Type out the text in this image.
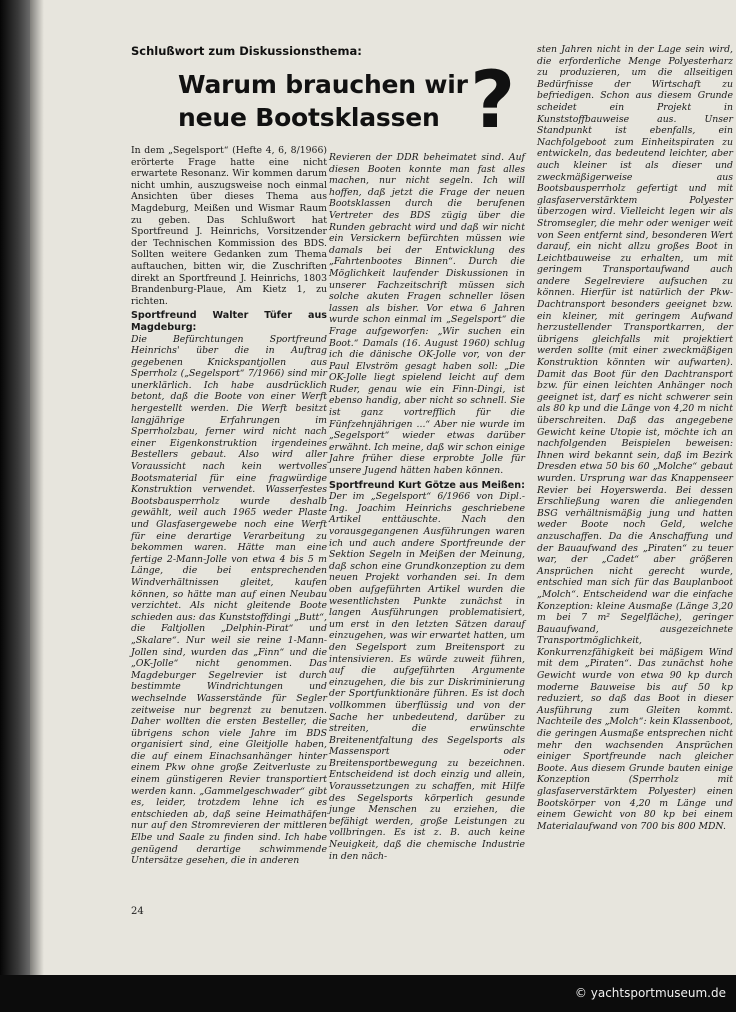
Schlußwort zum Diskussionsthema:
Warum brauchen wir
neue Bootsklassen ?

In dem „Segelsport“ (Hefte 4, 6, 8/1966) erörterte Frage hatte eine nicht erwartete Resonanz. Wir kommen darum nicht umhin, auszugsweise noch einmal Ansichten über dieses Thema aus Magdeburg, Meißen und Wismar Raum zu geben. Das Schlußwort hat Sportfreund J. Heinrichs, Vorsitzender der Technischen Kommission des BDS. Sollten weitere Gedanken zum Thema auftauchen, bitten wir, die Zuschriften direkt an Sportfreund J. Heinrichs, 1803 Brandenburg-Plaue, Am Kietz 1, zu richten.

Sportfreund Walter Tüfer aus Magdeburg:

Die Befürchtungen Sportfreund Heinrichs' über die in Auftrag gegebenen Knickspantjollen aus Sperrholz („Segelsport“ 7/1966) sind mir unerklärlich. Ich habe ausdrücklich betont, daß die Boote von einer Werft hergestellt werden. Die Werft besitzt langjährige Erfahrungen im Sperrholzbau, ferner wird nicht nach einer Eigenkonstruktion irgendeines Bestellers gebaut. Also wird aller Voraussicht nach kein wertvolles Bootsmaterial für eine fragwürdige Konstruktion verwendet. Wasserfestes Bootsbausperrholz wurde deshalb gewählt, weil auch 1965 weder Plaste und Glasfasergewebe noch eine Werft für eine derartige Verarbeitung zu bekommen waren. Hätte man eine fertige 2-Mann-Jolle von etwa 4 bis 5 m Länge, die bei entsprechenden Windverhältnissen gleitet, kaufen können, so hätte man auf einen Neubau verzichtet. Als nicht gleitende Boote schieden aus: das Kunststoffdingi „Butt“, die Faltjollen „Delphin-Pirat“ und „Skalare“. Nur weil sie reine 1-Mann-Jollen sind, wurden das „Finn“ und die „OK-Jolle“ nicht genommen. Das Magdeburger Segelrevier ist durch bestimmte Windrichtungen und wechselnde Wasserstände für Segler zeitweise nur begrenzt zu benutzen. Daher wollten die ersten Besteller, die übrigens schon viele Jahre im BDS organisiert sind, eine Gleitjolle haben, die auf einem Einachsanhänger hinter einem Pkw ohne große Zeitverluste zu einem günstigeren Revier transportiert werden kann. „Gammelgeschwader“ gibt es, leider, trotzdem lehne ich es entschieden ab, daß seine Heimathäfen nur auf den Stromrevieren der mittleren Elbe und Saale zu finden sind. Ich habe genügend derartige schwimmende Untersätze gesehen, die in anderen

Revieren der DDR beheimatet sind. Auf diesen Booten konnte man fast alles machen, nur nicht segeln. Ich will hoffen, daß jetzt die Frage der neuen Bootsklassen durch die berufenen Vertreter des BDS zügig über die Runden gebracht wird und daß wir nicht ein Versickern befürchten müssen wie damals bei der Entwicklung des „Fahrtenbootes Binnen“. Durch die Möglichkeit laufender Diskussionen in unserer Fachzeitschrift müssen sich solche akuten Fragen schneller lösen lassen als bisher. Vor etwa 6 Jahren wurde schon einmal im „Segelsport“ die Frage aufgeworfen: „Wir suchen ein Boot.“ Damals (16. August 1960) schlug ich die dänische OK-Jolle vor, von der Paul Elvström gesagt haben soll: „Die OK-Jolle liegt spielend leicht auf dem Ruder, genau wie ein Finn-Dingi, ist ebenso handig, aber nicht so schnell. Sie ist ganz vortrefflich für die Fünfzehnjährigen ...“ Aber nie wurde im „Segelsport“ wieder etwas darüber erwähnt. Ich meine, daß wir schon einige Jahre früher diese erprobte Jolle für unsere Jugend hätten haben können.

Sportfreund Kurt Götze aus Meißen:

Der im „Segelsport“ 6/1966 von Dipl.-Ing. Joachim Heinrichs geschriebene Artikel enttäuschte. Nach den vorausgegangenen Ausführungen waren ich und auch andere Sportfreunde der Sektion Segeln in Meißen der Meinung, daß schon eine Grundkonzeption zu dem neuen Projekt vorhanden sei. In dem oben aufgeführten Artikel wurden die wesentlichsten Punkte zunächst in langen Ausführungen problematisiert, um erst in den letzten Sätzen darauf einzugehen, was wir erwartet hatten, um den Segelsport zum Breitensport zu intensivieren. Es würde zuweit führen, auf die aufgeführten Argumente einzugehen, die bis zur Diskriminierung der Sportfunktionäre führen. Es ist doch vollkommen überflüssig und von der Sache her unbedeutend, darüber zu streiten, die erwünschte Breitenentfaltung des Segelsports als Massensport oder Breitensportbewegung zu bezeichnen. Entscheidend ist doch einzig und allein, Voraussetzungen zu schaffen, mit Hilfe des Segelsports körperlich gesunde junge Menschen zu erziehen, die befähigt werden, große Leistungen zu vollbringen. Es ist z. B. auch keine Neuigkeit, daß die chemische Industrie in den näch-

sten Jahren nicht in der Lage sein wird, die erforderliche Menge Polyesterharz zu produzieren, um die allseitigen Bedürfnisse der Wirtschaft zu befriedigen. Schon aus diesem Grunde scheidet ein Projekt in Kunststoffbauweise aus. Unser Standpunkt ist ebenfalls, ein Nachfolgeboot zum Einheitspiraten zu entwickeln, das bedeutend leichter, aber auch kleiner ist als dieser und zweckmäßigerweise aus Bootsbausperrholz gefertigt und mit glasfaserverstärktem Polyester überzogen wird. Vielleicht legen wir als Stromsegler, die mehr oder weniger weit von Seen entfernt sind, besonderen Wert darauf, ein nicht allzu großes Boot in Leichtbauweise zu erhalten, um mit geringem Transportaufwand auch andere Segelreviere aufsuchen zu können. Hierfür ist natürlich der Pkw-Dachtransport besonders geeignet bzw. ein kleiner, mit geringem Aufwand herzustellender Transportkarren, der übrigens gleichfalls mit projektiert werden sollte (mit einer zweckmäßigen Konstruktion könnten wir aufwarten). Damit das Boot für den Dachtransport bzw. für einen leichten Anhänger noch geeignet ist, darf es nicht schwerer sein als 80 kp und die Länge von 4,20 m nicht überschreiten. Daß das angegebene Gewicht keine Utopie ist, möchte ich an nachfolgenden Beispielen beweisen: Ihnen wird bekannt sein, daß im Bezirk Dresden etwa 50 bis 60 „Molche“ gebaut wurden. Ursprung war das Knappenseer Revier bei Hoyerswerda. Bei dessen Erschließung waren die anliegenden BSG verhältnismäßig jung und hatten weder Boote noch Geld, welche anzuschaffen. Da die Anschaffung und der Bauaufwand des „Piraten“ zu teuer war, der „Cadet“ aber größeren Ansprüchen nicht gerecht wurde, entschied man sich für das Bauplanboot „Molch“. Entscheidend war die einfache Konzeption: kleine Ausmaße (Länge 3,20 m bei 7 m² Segelfläche), geringer Bauaufwand, ausgezeichnete Transportmöglichkeit, Konkurrenzfähigkeit bei mäßigem Wind mit dem „Piraten“. Das zunächst hohe Gewicht wurde von etwa 90 kp durch moderne Bauweise bis auf 50 kp reduziert, so daß das Boot in dieser Ausführung zum Gleiten kommt. Nachteile des „Molch“: kein Klassenboot, die geringen Ausmaße entsprechen nicht mehr den wachsenden Ansprüchen einiger Sportfreunde nach gleicher Boote. Aus diesem Grunde bauten einige Konzeption (Sperrholz mit glasfaserverstärktem Polyester) einen Bootskörper von 4,20 m Länge und einem Gewicht von 80 kp bei einem Materialaufwand von 700 bis 800 MDN.

24
© yachtsportmuseum.de
